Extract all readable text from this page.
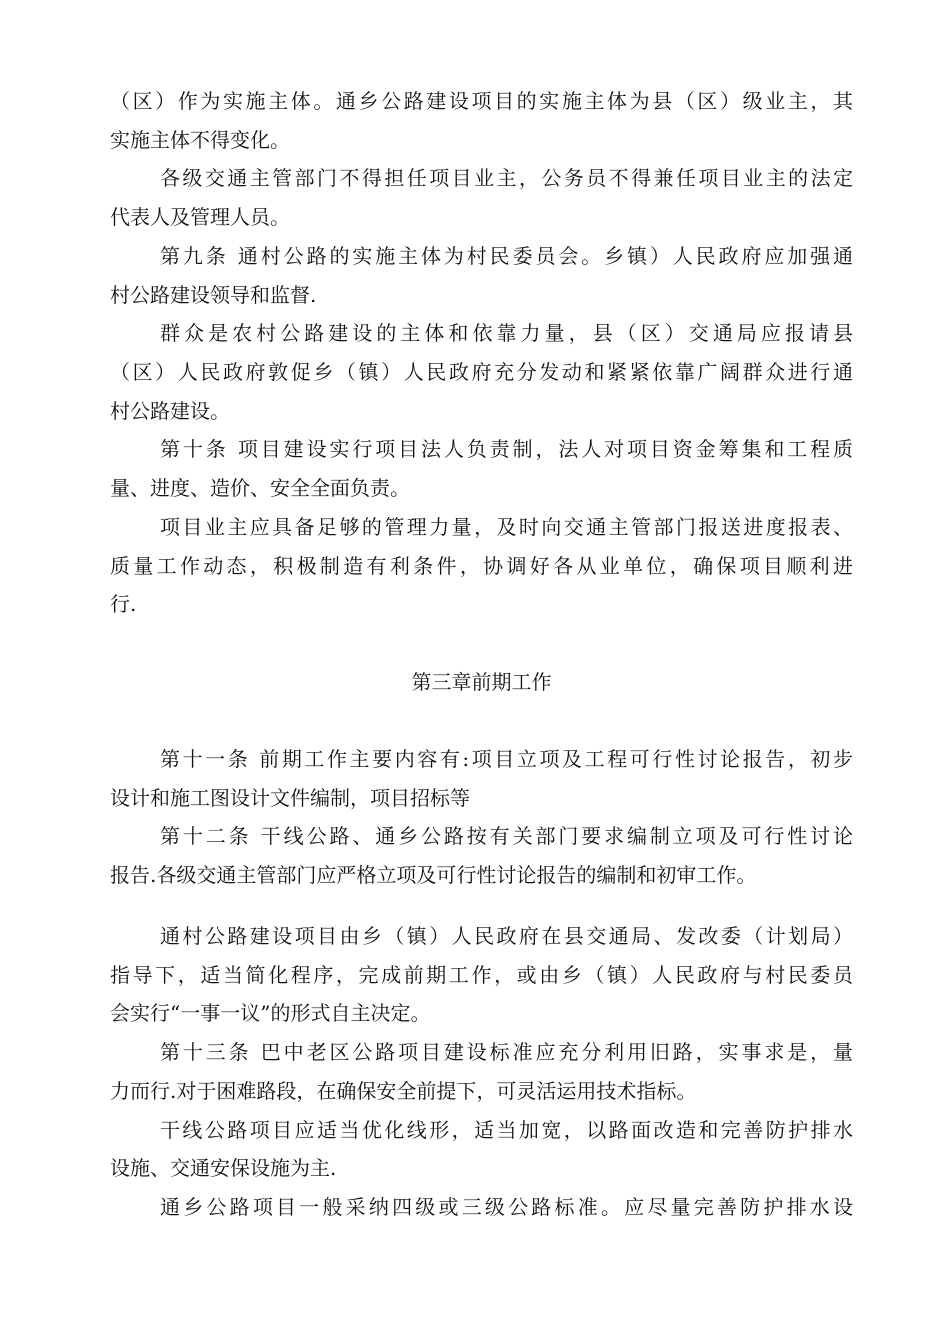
（区）作为实施主体。通乡公路建设项目的实施主体为县（区）级业主，其

实施主体不得变化。

各级交通主管部门不得担任项目业主，公务员不得兼任项目业主的法定

代表人及管理人员。

第九条 通村公路的实施主体为村民委员会。乡镇）人民政府应加强通

村公路建设领导和监督.

群众是农村公路建设的主体和依靠力量，县（区）交通局应报请县

（区）人民政府敦促乡（镇）人民政府充分发动和紧紧依靠广阔群众进行通

村公路建设。

第十条 项目建设实行项目法人负责制，法人对项目资金筹集和工程质

量、进度、造价、安全全面负责。

项目业主应具备足够的管理力量，及时向交通主管部门报送进度报表、

质量工作动态，积极制造有利条件，协调好各从业单位，确保项目顺利进

行.

第三章前期工作

第十一条 前期工作主要内容有:项目立项及工程可行性讨论报告，初步

设计和施工图设计文件编制，项目招标等

第十二条 干线公路、通乡公路按有关部门要求编制立项及可行性讨论

报告.各级交通主管部门应严格立项及可行性讨论报告的编制和初审工作。

通村公路建设项目由乡（镇）人民政府在县交通局、发改委（计划局）

指导下，适当简化程序，完成前期工作，或由乡（镇）人民政府与村民委员

会实行“一事一议”的形式自主决定。

第十三条 巴中老区公路项目建设标准应充分利用旧路，实事求是，量

力而行.对于困难路段，在确保安全前提下，可灵活运用技术指标。

干线公路项目应适当优化线形，适当加宽，以路面改造和完善防护排水

设施、交通安保设施为主.

通乡公路项目一般采纳四级或三级公路标准。应尽量完善防护排水设
